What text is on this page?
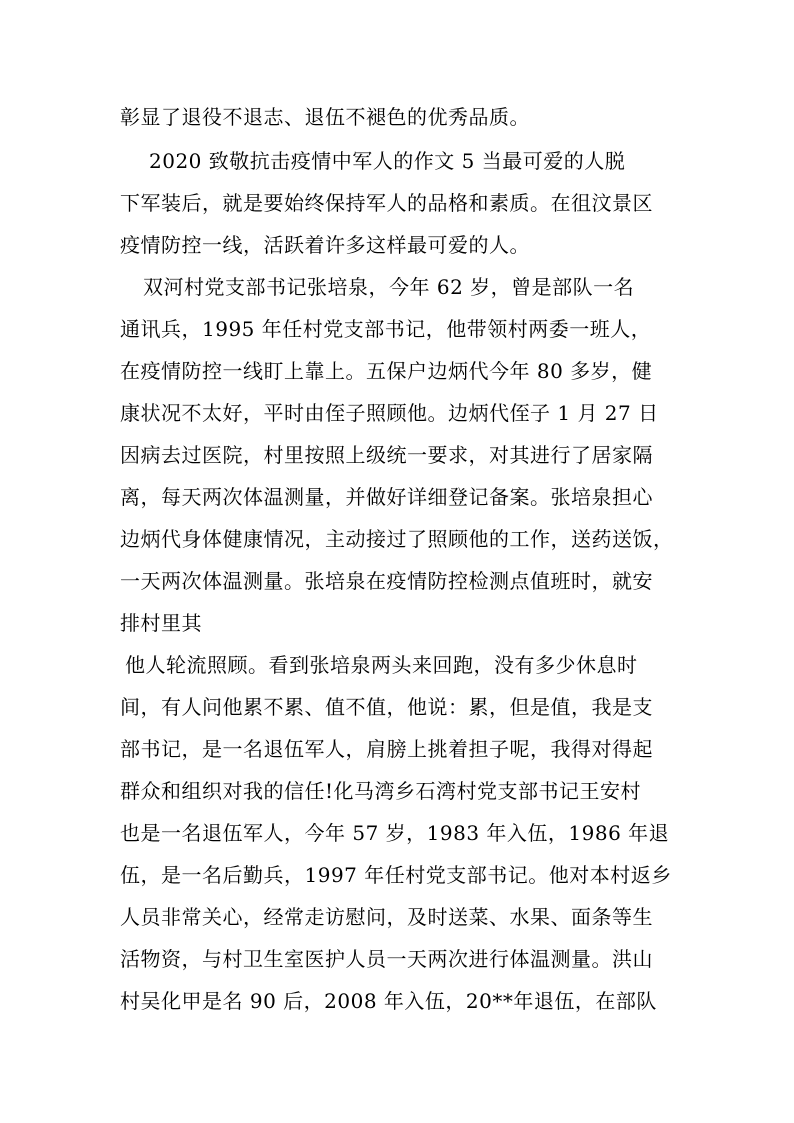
彰显了退役不退志、退伍不褪色的优秀品质。
2020 致敬抗击疫情中军人的作文 5 当最可爱的人脱
下军装后，就是要始终保持军人的品格和素质。在徂汶景区
疫情防控一线，活跃着许多这样最可爱的人。
双河村党支部书记张培泉，今年 62 岁，曾是部队一名
通讯兵，1995 年任村党支部书记，他带领村两委一班人，
在疫情防控一线盯上靠上。五保户边炳代今年 80 多岁，健
康状况不太好，平时由侄子照顾他。边炳代侄子 1 月 27 日
因病去过医院，村里按照上级统一要求，对其进行了居家隔
离，每天两次体温测量，并做好详细登记备案。张培泉担心
边炳代身体健康情况，主动接过了照顾他的工作，送药送饭，
一天两次体温测量。张培泉在疫情防控检测点值班时，就安
排村里其
他人轮流照顾。看到张培泉两头来回跑，没有多少休息时
间，有人问他累不累、值不值，他说：累，但是值，我是支
部书记，是一名退伍军人，肩膀上挑着担子呢，我得对得起
群众和组织对我的信任!化马湾乡石湾村党支部书记王安村
也是一名退伍军人，今年 57 岁，1983 年入伍，1986 年退
伍，是一名后勤兵，1997 年任村党支部书记。他对本村返乡
人员非常关心，经常走访慰问，及时送菜、水果、面条等生
活物资，与村卫生室医护人员一天两次进行体温测量。洪山
村吴化甲是名 90 后，2008 年入伍，20**年退伍，在部队
